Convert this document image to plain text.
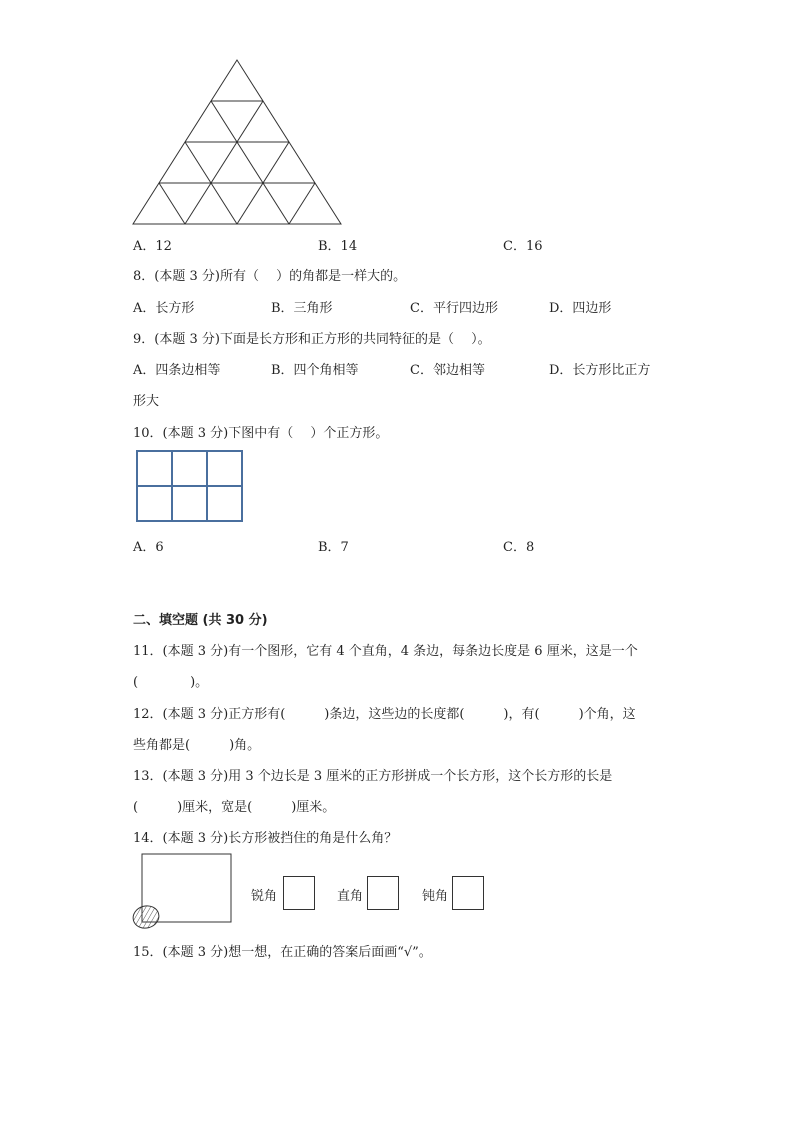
A．12	B．14	C．16
8．(本题 3 分)所有（　 ）的角都是一样大的。
A．长方形	B．三角形	C．平行四边形	D．四边形
9．(本题 3 分)下面是长方形和正方形的共同特征的是（　 ）。
A．四条边相等	B．四个角相等	C．邻边相等	D．长方形比正方
形大
10．(本题 3 分)下图中有（　 ）个正方形。
A．6	B．7	C．8
二、填空题 (共 30 分)
11．(本题 3 分)有一个图形，它有 4 个直角，4 条边，每条边长度是 6 厘米，这是一个
(　　　　)。
12．(本题 3 分)正方形有(　　　)条边，这些边的长度都(　　　)，有(　　　)个角，这
些角都是(　　　)角。
13．(本题 3 分)用 3 个边长是 3 厘米的正方形拼成一个长方形，这个长方形的长是
(　　　)厘米，宽是(　　　)厘米。
14．(本题 3 分)长方形被挡住的角是什么角？
锐角	直角	钝角
15．(本题 3 分)想一想，在正确的答案后面画“√”。
